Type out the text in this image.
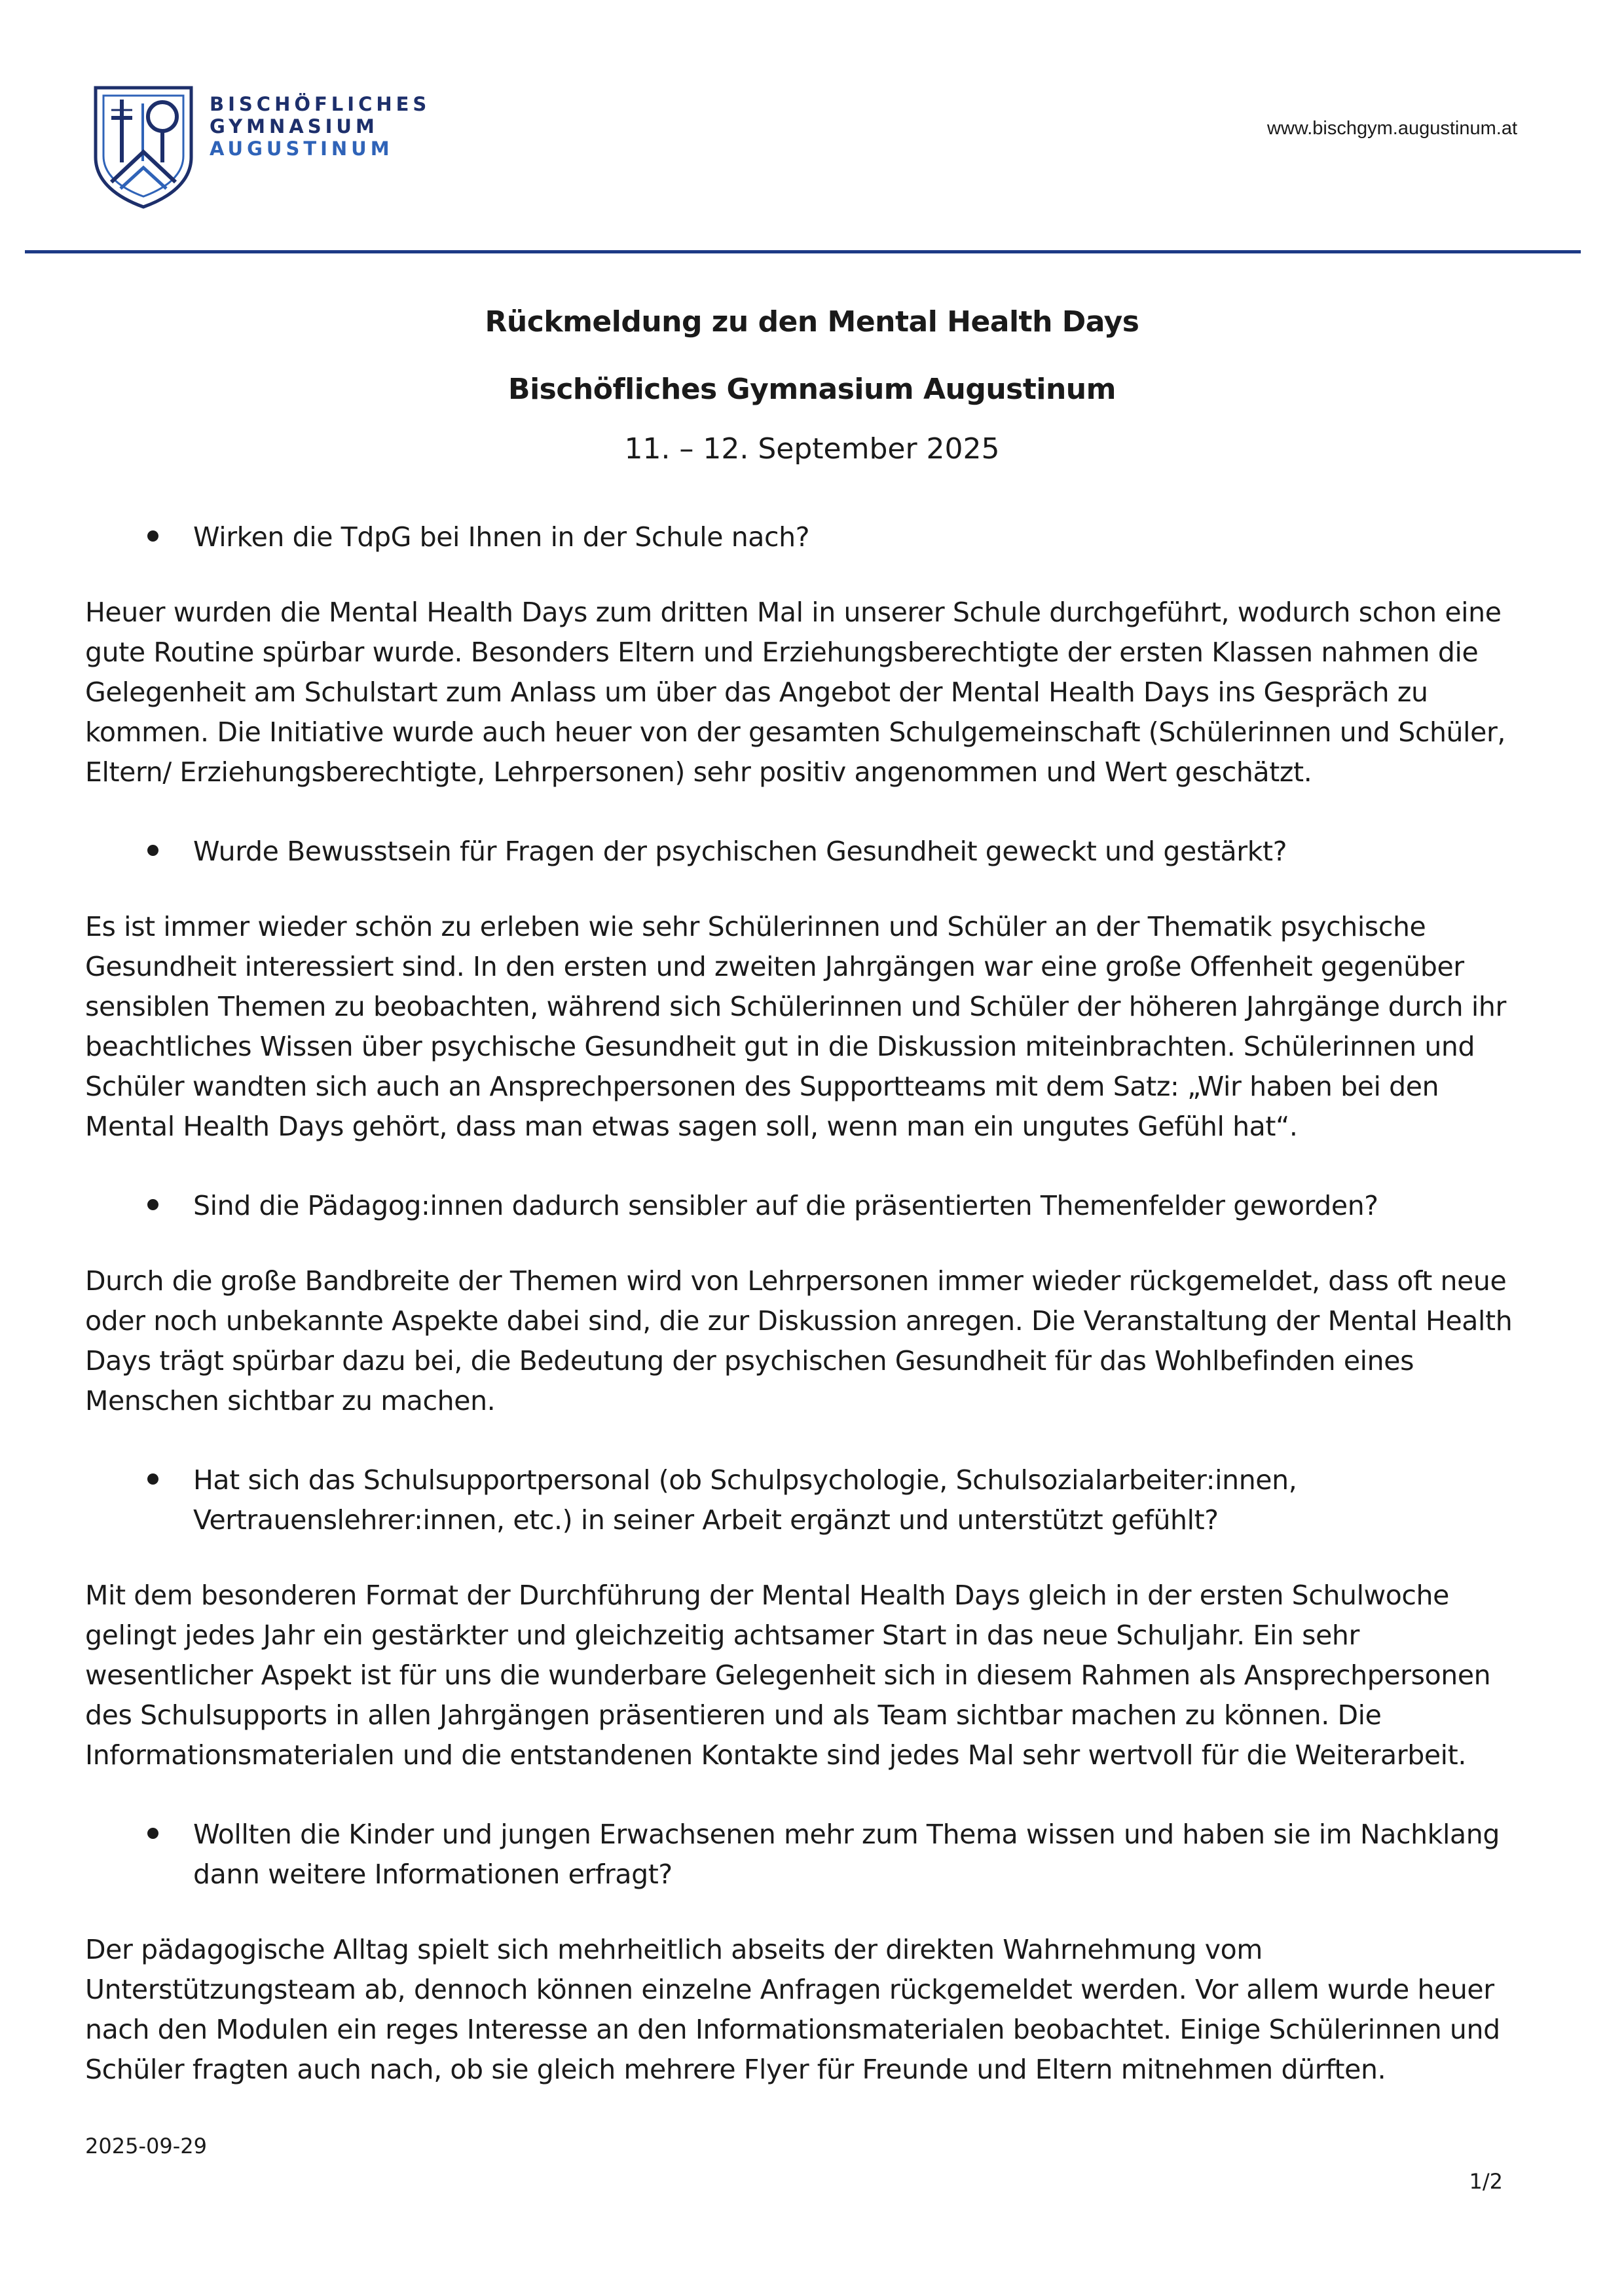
BISCHÖFLICHES
GYMNASIUM
AUGUSTINUM
www.bischgym.augustinum.at
Rückmeldung zu den Mental Health Days
Bischöfliches Gymnasium Augustinum
11. – 12. September 2025
Wirken die TdpG bei Ihnen in der Schule nach?

Heuer wurden die Mental Health Days zum dritten Mal in unserer Schule durchgeführt, wodurch schon eine gute Routine spürbar wurde. Besonders Eltern und Erziehungsberechtigte der ersten Klassen nahmen die Gelegenheit am Schulstart zum Anlass um über das Angebot der Mental Health Days ins Gespräch zu kommen. Die Initiative wurde auch heuer von der gesamten Schulgemeinschaft (Schülerinnen und Schüler, Eltern/ Erziehungsberechtigte, Lehrpersonen) sehr positiv angenommen und Wert geschätzt.

Wurde Bewusstsein für Fragen der psychischen Gesundheit geweckt und gestärkt?

Es ist immer wieder schön zu erleben wie sehr Schülerinnen und Schüler an der Thematik psychische Gesundheit interessiert sind. In den ersten und zweiten Jahrgängen war eine große Offenheit gegenüber sensiblen Themen zu beobachten, während sich Schülerinnen und Schüler der höheren Jahrgänge durch ihr beachtliches Wissen über psychische Gesundheit gut in die Diskussion miteinbrachten. Schülerinnen und Schüler wandten sich auch an Ansprechpersonen des Supportteams mit dem Satz: „Wir haben bei den Mental Health Days gehört, dass man etwas sagen soll, wenn man ein ungutes Gefühl hat“.

Sind die Pädagog:innen dadurch sensibler auf die präsentierten Themenfelder geworden?

Durch die große Bandbreite der Themen wird von Lehrpersonen immer wieder rückgemeldet, dass oft neue oder noch unbekannte Aspekte dabei sind, die zur Diskussion anregen. Die Veranstaltung der Mental Health Days trägt spürbar dazu bei, die Bedeutung der psychischen Gesundheit für das Wohlbefinden eines Menschen sichtbar zu machen.

Hat sich das Schulsupportpersonal (ob Schulpsychologie, Schulsozialarbeiter:innen, Vertrauenslehrer:innen, etc.) in seiner Arbeit ergänzt und unterstützt gefühlt?

Mit dem besonderen Format der Durchführung der Mental Health Days gleich in der ersten Schulwoche gelingt jedes Jahr ein gestärkter und gleichzeitig achtsamer Start in das neue Schuljahr. Ein sehr wesentlicher Aspekt ist für uns die wunderbare Gelegenheit sich in diesem Rahmen als Ansprechpersonen des Schulsupports in allen Jahrgängen präsentieren und als Team sichtbar machen zu können. Die Informationsmaterialen und die entstandenen Kontakte sind jedes Mal sehr wertvoll für die Weiterarbeit.

Wollten die Kinder und jungen Erwachsenen mehr zum Thema wissen und haben sie im Nachklang dann weitere Informationen erfragt?

Der pädagogische Alltag spielt sich mehrheitlich abseits der direkten Wahrnehmung vom Unterstützungsteam ab, dennoch können einzelne Anfragen rückgemeldet werden. Vor allem wurde heuer nach den Modulen ein reges Interesse an den Informationsmaterialen beobachtet. Einige Schülerinnen und Schüler fragten auch nach, ob sie gleich mehrere Flyer für Freunde und Eltern mitnehmen dürften.

2025-09-29
1/2
